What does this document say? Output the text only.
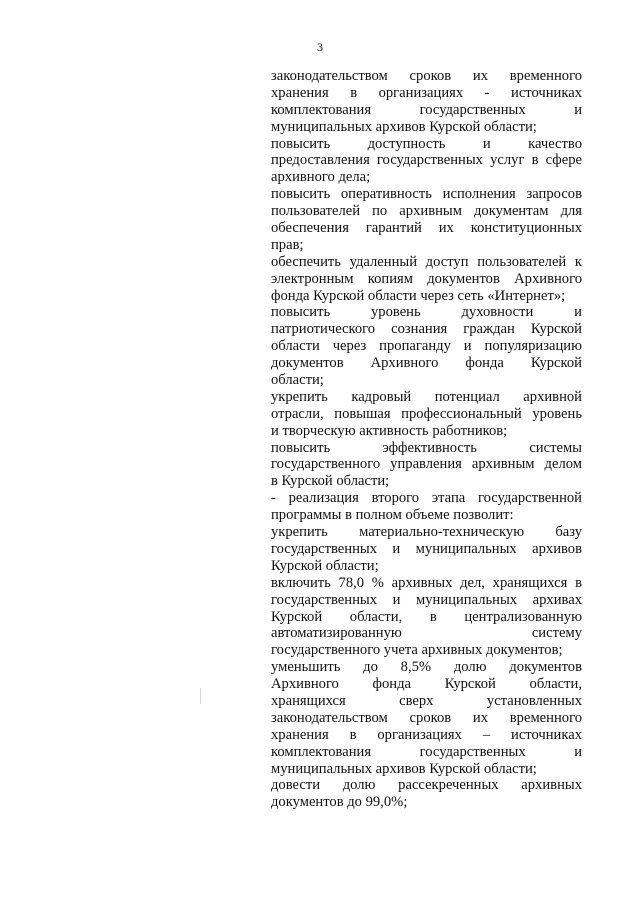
3
законодательством сроков их временного
хранения в организациях - источниках
комплектования государственных и
муниципальных архивов Курской области;
повысить доступность и качество
предоставления государственных услуг в сфере
архивного дела;
повысить оперативность исполнения запросов
пользователей по архивным документам для
обеспечения гарантий их конституционных
прав;
обеспечить удаленный доступ пользователей к
электронным копиям документов Архивного
фонда Курской области через сеть «Интернет»;
повысить уровень духовности и
патриотического сознания граждан Курской
области через пропаганду и популяризацию
документов Архивного фонда Курской
области;
укрепить кадровый потенциал архивной
отрасли, повышая профессиональный уровень
и творческую активность работников;
повысить эффективность системы
государственного управления архивным делом
в Курской области;
- реализация второго этапа государственной
программы в полном объеме позволит:
укрепить материально-техническую базу
государственных и муниципальных архивов
Курской области;
включить 78,0 % архивных дел, хранящихся в
государственных и муниципальных архивах
Курской области, в централизованную
автоматизированную систему
государственного учета архивных документов;
уменьшить до 8,5% долю документов
Архивного фонда Курской области,
хранящихся сверх установленных
законодательством сроков их временного
хранения в организациях – источниках
комплектования государственных и
муниципальных архивов Курской области;
довести долю рассекреченных архивных
документов до 99,0%;
